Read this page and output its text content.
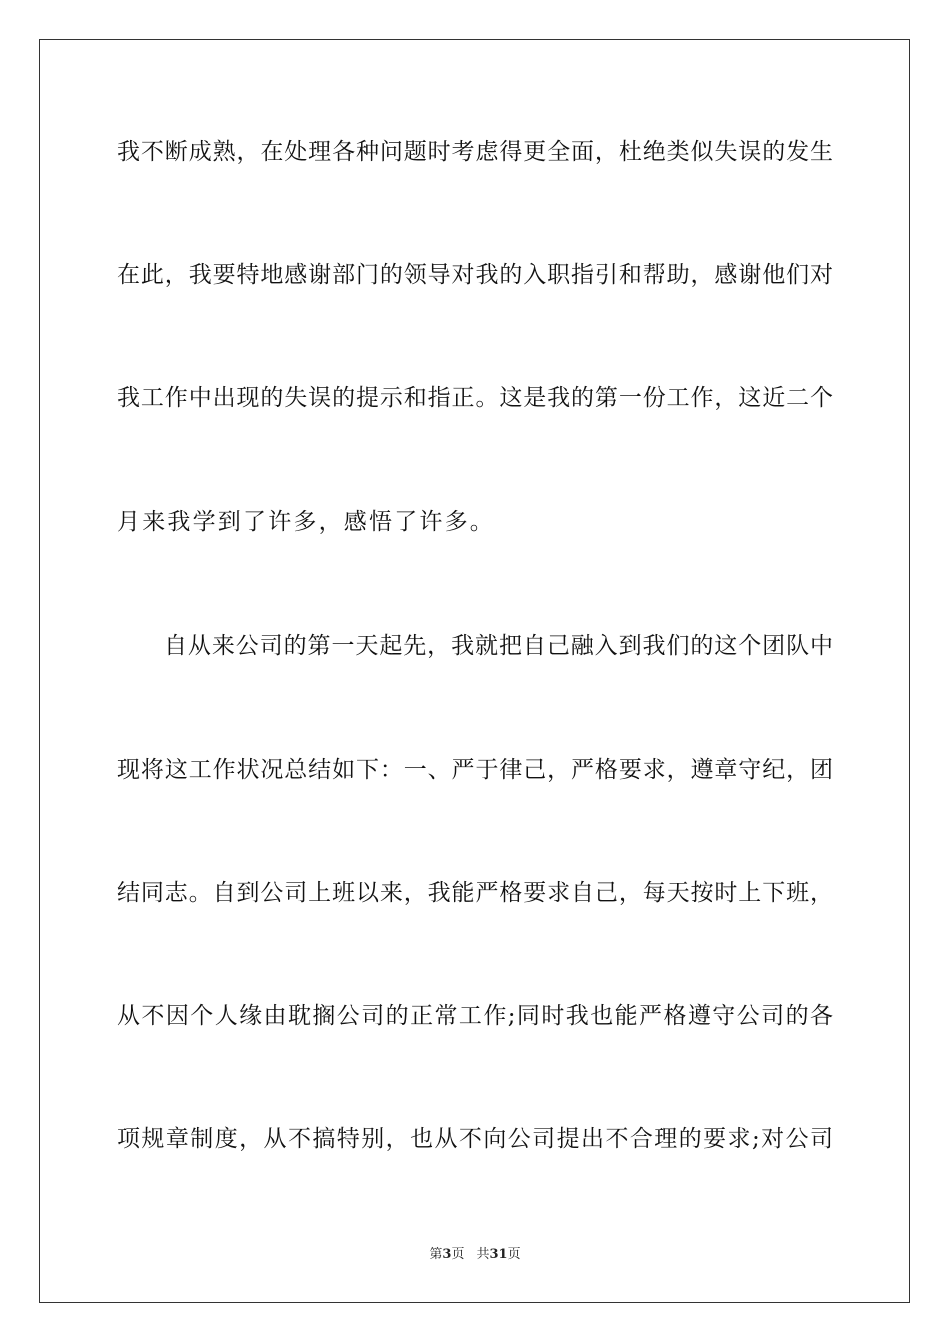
我不断成熟，在处理各种问题时考虑得更全面，杜绝类似失误的发生
在此，我要特地感谢部门的领导对我的入职指引和帮助，感谢他们对
我工作中出现的失误的提示和指正。这是我的第一份工作，这近二个
月来我学到了许多，感悟了许多。
自从来公司的第一天起先，我就把自己融入到我们的这个团队中
现将这工作状况总结如下：一、严于律己，严格要求，遵章守纪，团
结同志。自到公司上班以来，我能严格要求自己，每天按时上下班，
从不因个人缘由耽搁公司的正常工作;同时我也能严格遵守公司的各
项规章制度，从不搞特别，也从不向公司提出不合理的要求;对公司
第3页 共31页
